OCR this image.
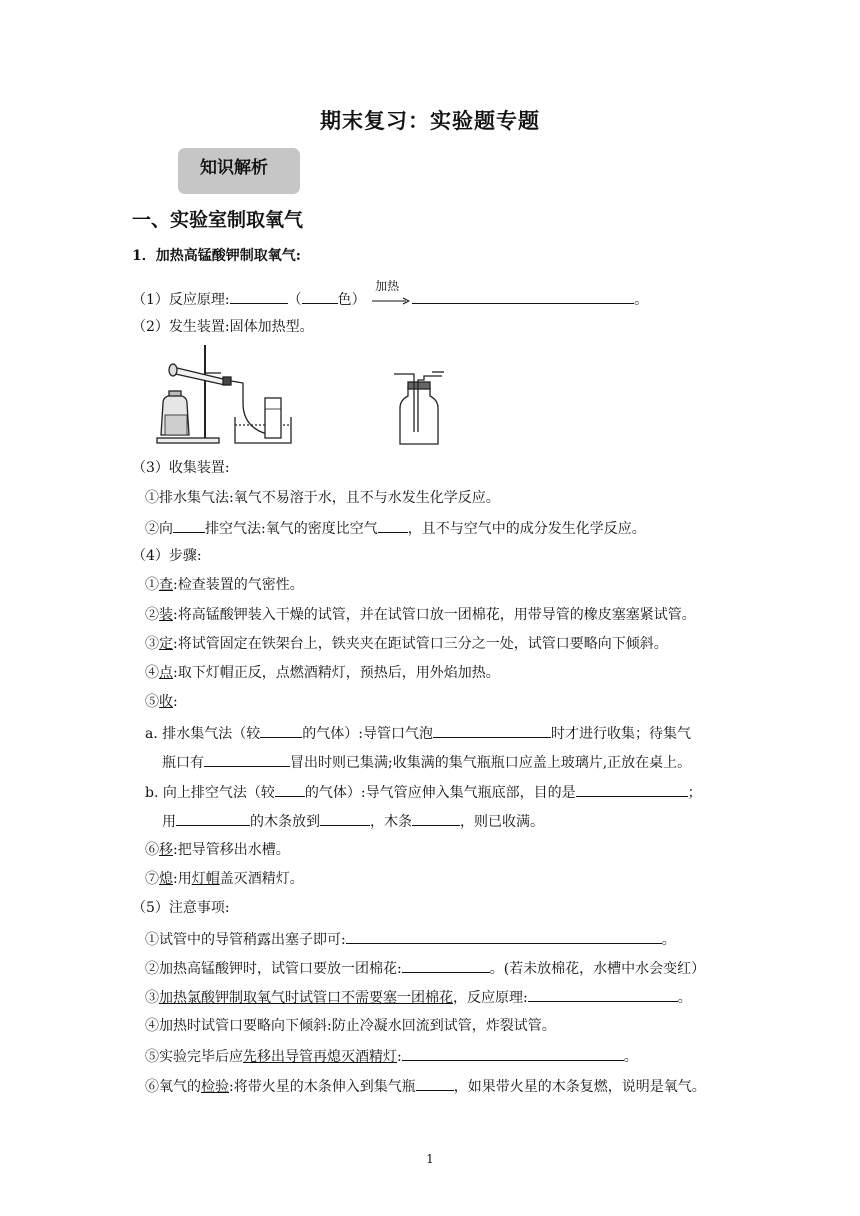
期末复习：实验题专题
知识解析
一、实验室制取氧气
1．加热高锰酸钾制取氧气:
（1）反应原理:	（	色）
加热
。
（2）发生装置:固体加热型。
（3）收集装置:
①排水集气法:氧气不易溶于水，且不与水发生化学反应。
②向 排空气法:氧气的密度比空气 ，且不与空气中的成分发生化学反应。
（4）步骤:
①查:检查装置的气密性。
②装:将高锰酸钾装入干燥的试管，并在试管口放一团棉花，用带导管的橡皮塞塞紧试管。
③定:将试管固定在铁架台上，铁夹夹在距试管口三分之一处，试管口要略向下倾斜。
④点:取下灯帽正反，点燃酒精灯，预热后，用外焰加热。
⑤收:
a. 排水集气法（较	的气体）:导管口气泡	时才进行收集；待集气
瓶口有	冒出时则已集满;收集满的集气瓶瓶口应盖上玻璃片,正放在桌上。
b. 向上排空气法（较 的气体）:导气管应伸入集气瓶底部，目的是	；
用	的木条放到	，木条	，则已收满。
⑥移:把导管移出水槽。
⑦熄:用灯帽盖灭酒精灯。
（5）注意事项:
①试管中的导管稍露出塞子即可:	。
②加热高锰酸钾时，试管口要放一团棉花:	。(若未放棉花，水槽中水会变红）
③加热氯酸钾制取氧气时试管口不需要塞一团棉花，反应原理:	。
④加热时试管口要略向下倾斜:防止冷凝水回流到试管，炸裂试管。
⑤实验完毕后应先移出导管再熄灭酒精灯:	。
⑥氧气的检验:将带火星的木条伸入到集气瓶	，如果带火星的木条复燃，说明是氧气。
1
